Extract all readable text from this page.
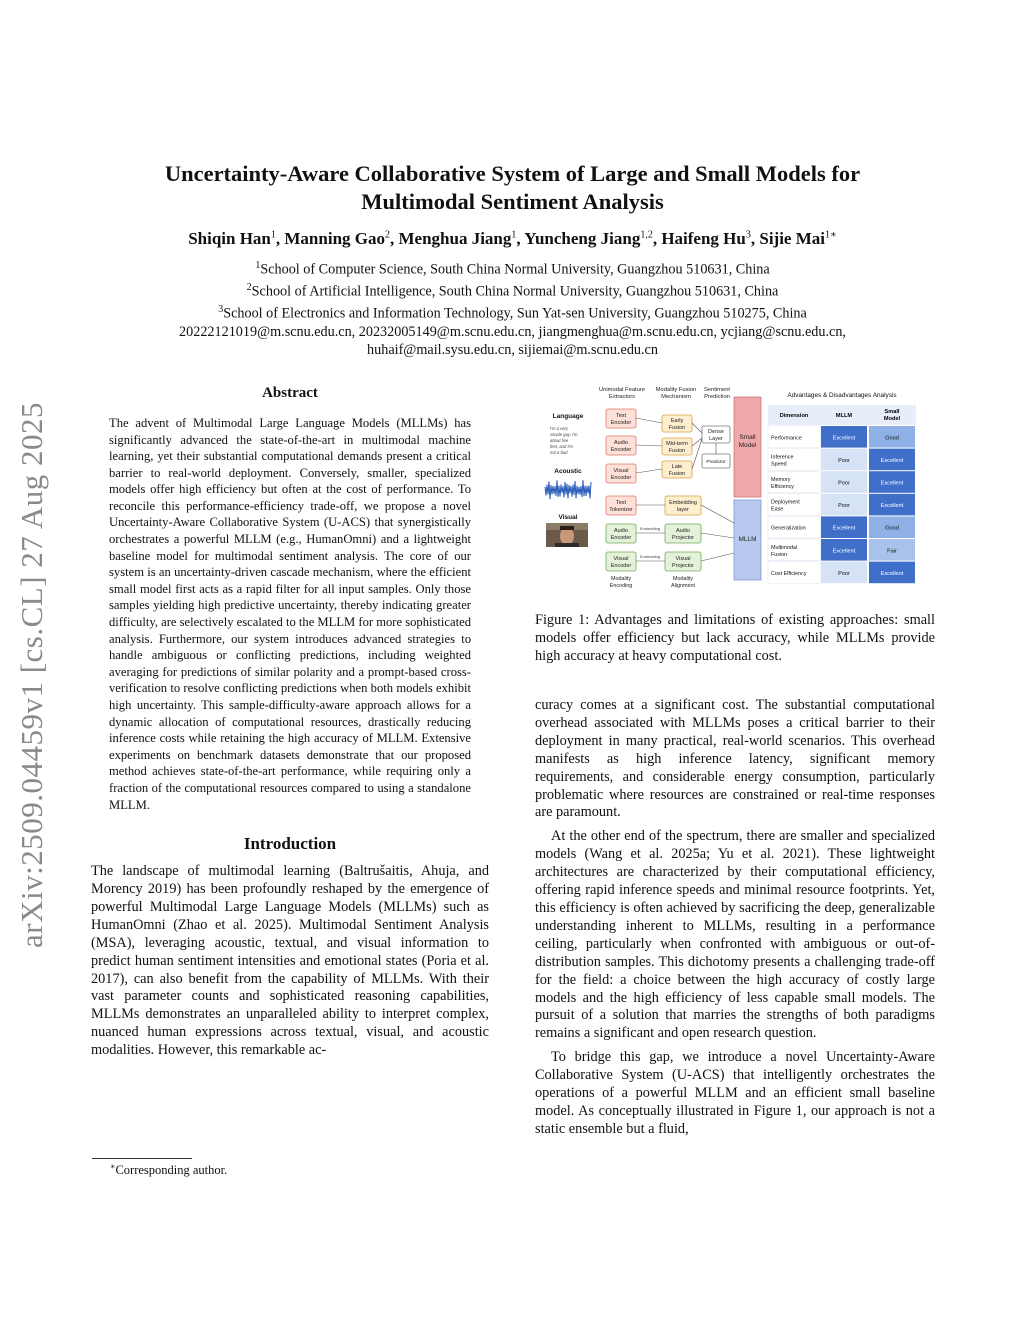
arXiv:2509.04459v1 [cs.CL] 27 Aug 2025
Uncertainty-Aware Collaborative System of Large and Small Models for
Multimodal Sentiment Analysis
Shiqin Han$^1$, Manning Gao$^2$, Menghua Jiang$^1$, Yuncheng Jiang$^{1,2}$, Haifeng Hu$^3$, Sijie Mai$^{1∗}$
$^1$School of Computer Science, South China Normal University, Guangzhou 510631, China
$^2$School of Artificial Intelligence, South China Normal University, Guangzhou 510631, China
$^3$School of Electronics and Information Technology, Sun Yat-sen University, Guangzhou 510275, China
20222121019@m.scnu.edu.cn, 20232005149@m.scnu.edu.cn, jiangmenghua@m.scnu.edu.cn, ycjiang@scnu.edu.cn,
huhaif@mail.sysu.edu.cn, sijiemai@m.scnu.edu.cn
Abstract
The advent of Multimodal Large Language Models (MLLMs) has significantly advanced the state-of-the-art in multimodal machine learning, yet their substantial computational demands present a critical barrier to real-world deployment. Conversely, smaller, specialized models offer high efficiency but often at the cost of performance. To reconcile this performance-efficiency trade-off, we propose a novel Uncertainty-Aware Collaborative System (U-ACS) that synergistically orchestrates a powerful MLLM (e.g., HumanOmni) and a lightweight baseline model for multimodal sentiment analysis. The core of our system is an uncertainty-driven cascade mechanism, where the efficient small model first acts as a rapid filter for all input samples. Only those samples yielding high predictive uncertainty, thereby indicating greater difficulty, are selectively escalated to the MLLM for more sophisticated analysis. Furthermore, our system introduces advanced strategies to handle ambiguous or conflicting predictions, including weighted averaging for predictions of similar polarity and a prompt-based cross-verification to resolve conflicting predictions when both models exhibit high uncertainty. This sample-difficulty-aware approach allows for a dynamic allocation of computational resources, drastically reducing inference costs while retaining the high accuracy of MLLM. Extensive experiments on benchmark datasets demonstrate that our proposed method achieves state-of-the-art performance, while requiring only a fraction of the computational resources compared to using a standalone MLLM.
Introduction

The landscape of multimodal learning (Baltrušaitis, Ahuja, and Morency 2019) has been profoundly reshaped by the emergence of powerful Multimodal Large Language Models (MLLMs) such as HumanOmni (Zhao et al. 2025). Multimodal Sentiment Analysis (MSA), leveraging acoustic, textual, and visual information to predict human sentiment intensities and emotional states (Poria et al. 2017), can also benefit from the capability of MLLMs. With their vast parameter counts and sophisticated reasoning capabilities, MLLMs demonstrates an unparalleled ability to interpret complex, nuanced human expressions across textual, visual, and acoustic modalities. However, this remarkable ac-

∗Corresponding author.
Unimodal Feature
Extractors
Modality Fusion
Mechanism
Sentiment
Prediction
Language
Acoustic
Visual
I'm a very
simple guy, I'm
about five
feet, and I'm
not a bad
Text
Encoder
Audio
Encoder
Visual
Encoder
Early
Fusion
Mid-term
Fusion
Late
Fusion
Dense
Layer
Predictor
Small
Model
Text
Tokenizer
Audio
Encoder
Visual
Encoder
Embedding
layer
Audio
Projector
Visual
Projector
MLLM
Embedding
Embedding
Modality
Encoding
Modality
Alignment
Advantages & Disadvantages Analysis
Dimension	MLLM
Small
Model
Performance	Excellent	Good
Inference
Speed
Poor	Excellent
Memory
Efficiency
Poor	Excellent
Deployment
Ease
Poor	Excellent
Generalization	Excellent	Good
Multimodal
Fusion
Excellent	Fair
Cost Efficiency	Poor	Excellent
Figure 1: Advantages and limitations of existing approaches: small models offer efficiency but lack accuracy, while MLLMs provide high accuracy at heavy computational cost.

curacy comes at a significant cost. The substantial computational overhead associated with MLLMs poses a critical barrier to their deployment in many practical, real-world scenarios. This overhead manifests as high inference latency, significant memory requirements, and considerable energy consumption, particularly problematic where resources are constrained or real-time responses are paramount.

At the other end of the spectrum, there are smaller and specialized models (Wang et al. 2025a; Yu et al. 2021). These lightweight architectures are characterized by their computational efficiency, offering rapid inference speeds and minimal resource footprints. Yet, this efficiency is often achieved by sacrificing the deep, generalizable understanding inherent to MLLMs, resulting in a performance ceiling, particularly when confronted with ambiguous or out-of-distribution samples. This dichotomy presents a challenging trade-off for the field: a choice between the high accuracy of costly large models and the high efficiency of less capable small models. The pursuit of a solution that marries the strengths of both paradigms remains a significant and open research question.

To bridge this gap, we introduce a novel Uncertainty-Aware Collaborative System (U-ACS) that intelligently orchestrates the operations of a powerful MLLM and an efficient small baseline model. As conceptually illustrated in Figure 1, our approach is not a static ensemble but a fluid,
